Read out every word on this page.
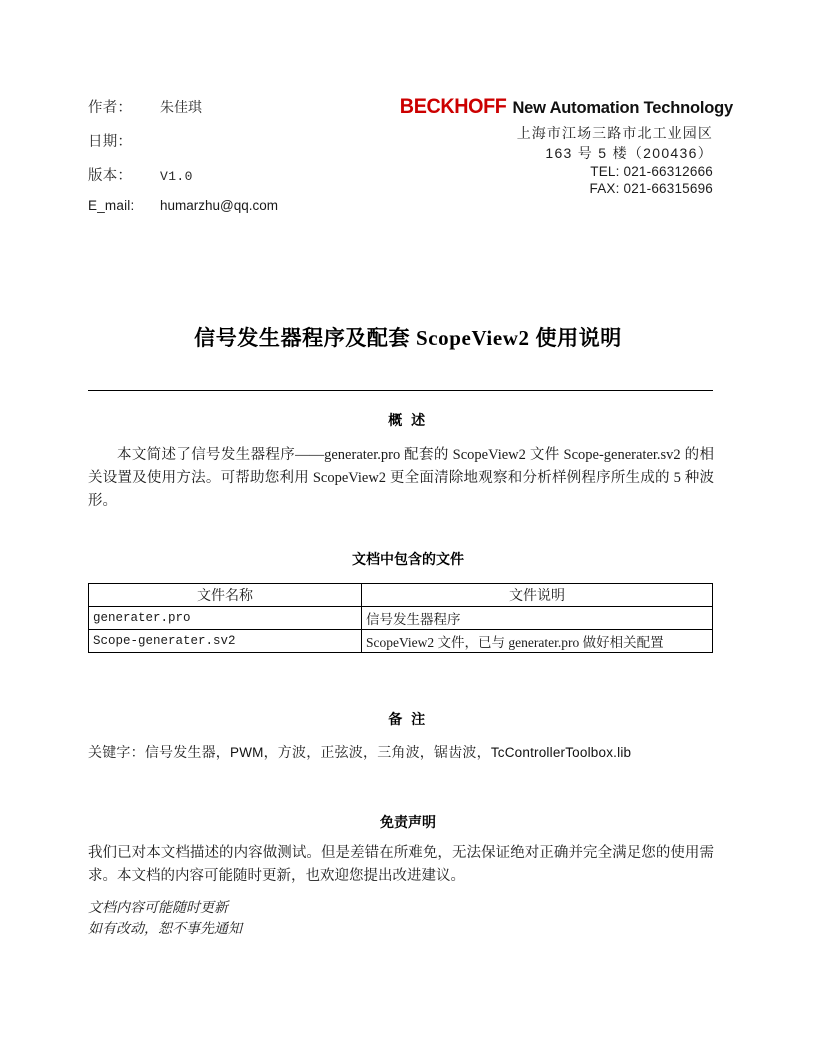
作者：	朱佳琪
日期：
版本：	V1.0
E_mail:	humarzhu@qq.com
BECKHOFF New Automation Technology
上海市江场三路市北工业园区
163 号 5 楼（200436）
TEL: 021-66312666
FAX: 021-66315696
信号发生器程序及配套 ScopeView2 使用说明
概 述
本文简述了信号发生器程序——generater.pro 配套的 ScopeView2 文件 Scope-generater.sv2 的相关设置及使用方法。可帮助您利用 ScopeView2 更全面清除地观察和分析样例程序所生成的 5 种波形。
文档中包含的文件
文件名称	文件说明
generater.pro	信号发生器程序
Scope-generater.sv2	ScopeView2 文件，已与 generater.pro 做好相关配置
备 注
关键字：信号发生器，PWM，方波，正弦波，三角波，锯齿波，TcControllerToolbox.lib
免责声明
我们已对本文档描述的内容做测试。但是差错在所难免，无法保证绝对正确并完全满足您的使用需求。本文档的内容可能随时更新，也欢迎您提出改进建议。
文档内容可能随时更新
如有改动，恕不事先通知
